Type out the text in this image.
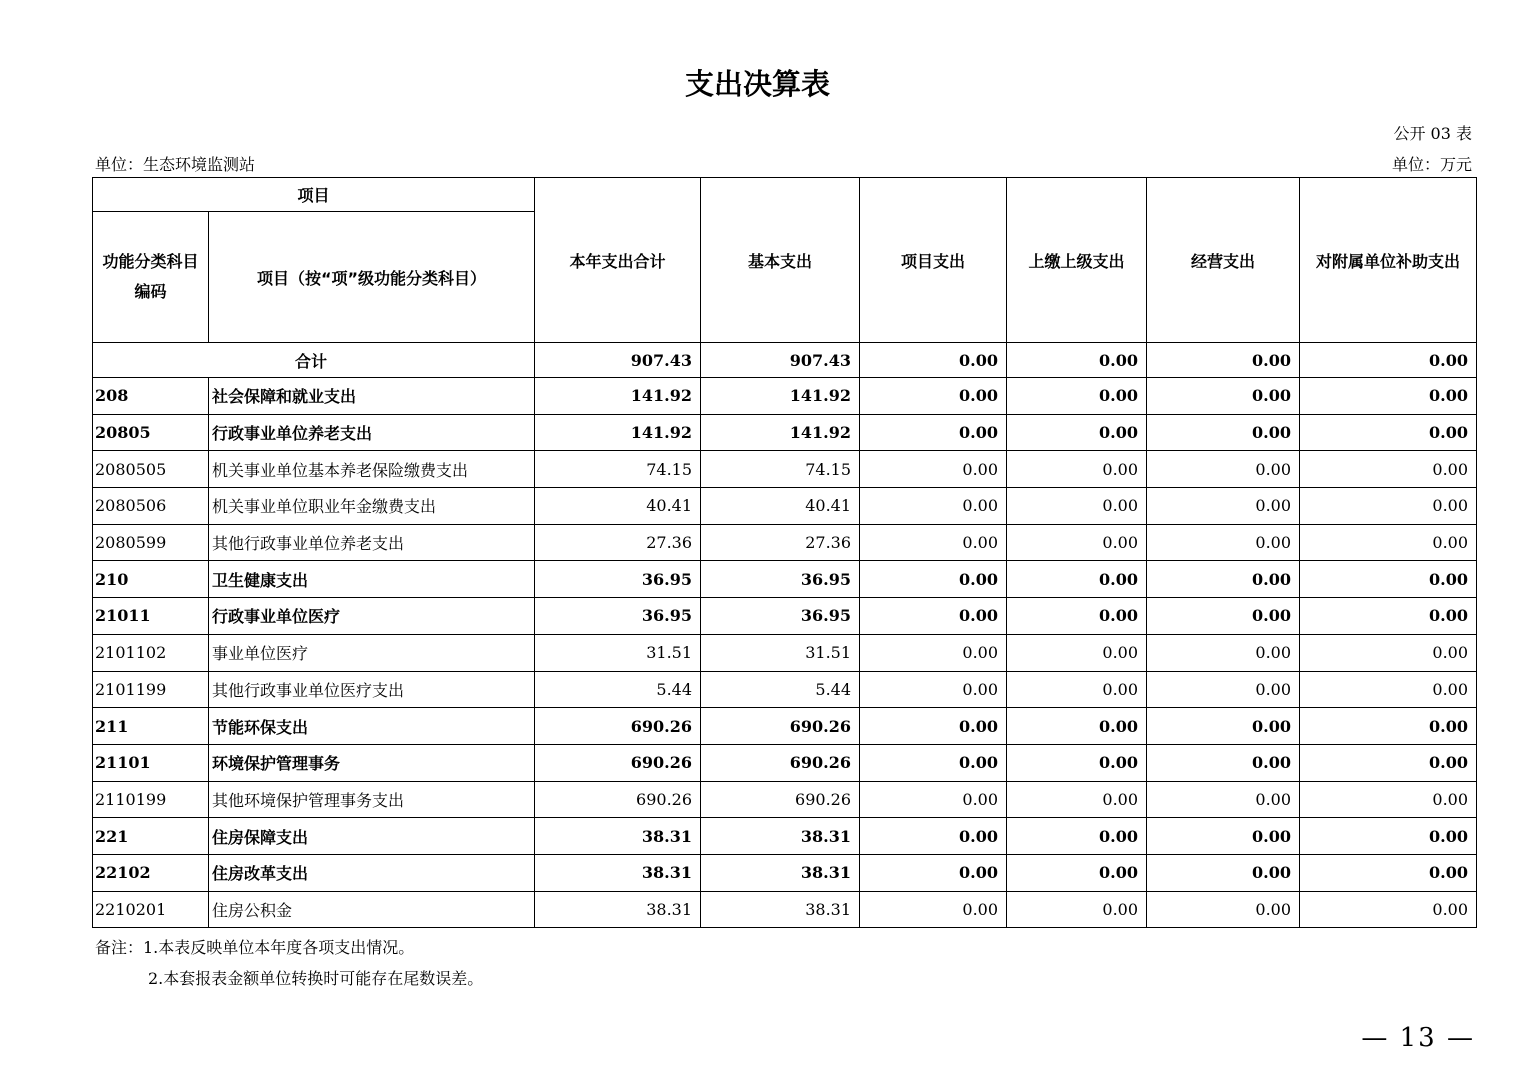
支出决算表
公开 03 表
单位：生态环境监测站	单位：万元
项目		本年支出合计	基本支出	项目支出	上缴上级支出	经营支出	对附属单位补助支出
功能分类科目编码	项目（按“项”级功能分类科目）						
合计		907.43	907.43	0.00	0.00	0.00	0.00
208	社会保障和就业支出	141.92	141.92	0.00	0.00	0.00	0.00
20805	行政事业单位养老支出	141.92	141.92	0.00	0.00	0.00	0.00
2080505	机关事业单位基本养老保险缴费支出	74.15	74.15	0.00	0.00	0.00	0.00
2080506	机关事业单位职业年金缴费支出	40.41	40.41	0.00	0.00	0.00	0.00
2080599	其他行政事业单位养老支出	27.36	27.36	0.00	0.00	0.00	0.00
210	卫生健康支出	36.95	36.95	0.00	0.00	0.00	0.00
21011	行政事业单位医疗	36.95	36.95	0.00	0.00	0.00	0.00
2101102	事业单位医疗	31.51	31.51	0.00	0.00	0.00	0.00
2101199	其他行政事业单位医疗支出	5.44	5.44	0.00	0.00	0.00	0.00
211	节能环保支出	690.26	690.26	0.00	0.00	0.00	0.00
21101	环境保护管理事务	690.26	690.26	0.00	0.00	0.00	0.00
2110199	其他环境保护管理事务支出	690.26	690.26	0.00	0.00	0.00	0.00
221	住房保障支出	38.31	38.31	0.00	0.00	0.00	0.00
22102	住房改革支出	38.31	38.31	0.00	0.00	0.00	0.00
2210201	住房公积金	38.31	38.31	0.00	0.00	0.00	0.00
备注：1.本表反映单位本年度各项支出情况。
2.本套报表金额单位转换时可能存在尾数误差。
— 13 —
